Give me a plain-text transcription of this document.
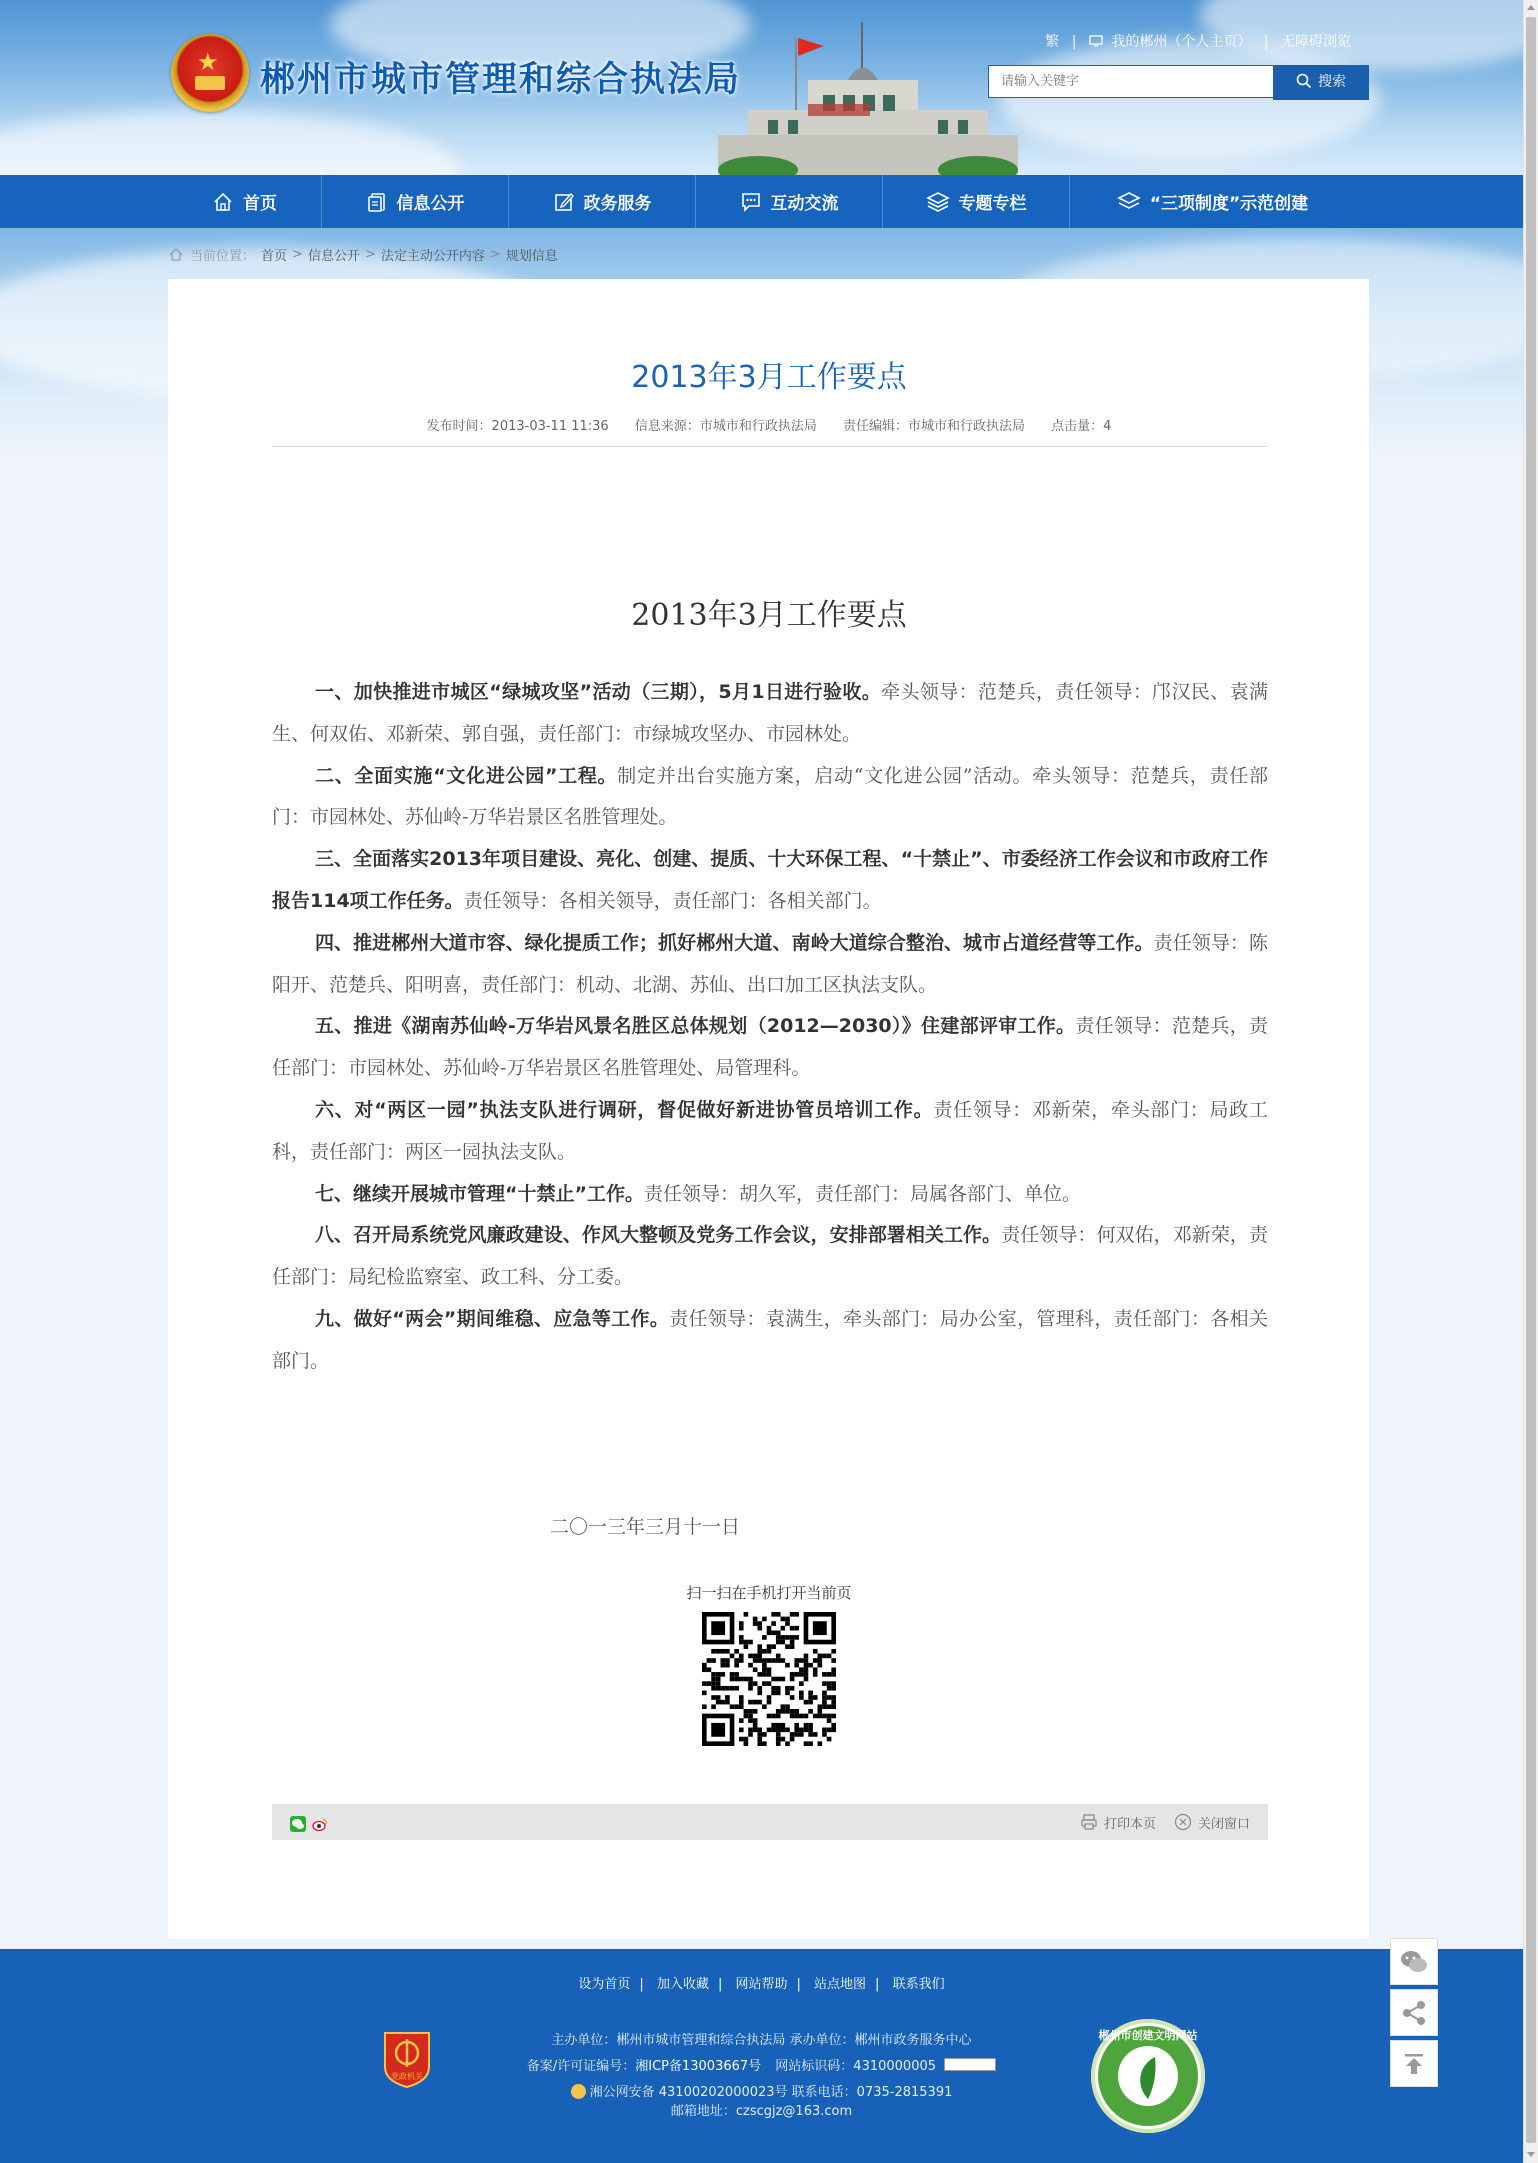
★ 郴州市城市管理和综合执法局
繁 | 我的郴州（个人主页） | 无障碍浏览
请输入关键字
搜索
首页	信息公开	政务服务	互动交流	专题专栏	“三项制度”示范创建
当前位置： 首页 > 信息公开 > 法定主动公开内容 > 规划信息
2013年3月工作要点
发布时间：2013-03-11 11:36 信息来源：市城市和行政执法局 责任编辑：市城市和行政执法局 点击量：4
2013年3月工作要点

一、加快推进市城区“绿城攻坚”活动（三期），5月1日进行验收。牵头领导：范楚兵，责任领导：邝汉民、袁满生、何双佑、邓新荣、郭自强，责任部门：市绿城攻坚办、市园林处。

二、全面实施“文化进公园”工程。制定并出台实施方案，启动“文化进公园”活动。牵头领导：范楚兵，责任部门：市园林处、苏仙岭-万华岩景区名胜管理处。

三、全面落实2013年项目建设、亮化、创建、提质、十大环保工程、“十禁止”、市委经济工作会议和市政府工作报告114项工作任务。责任领导：各相关领导，责任部门：各相关部门。

四、推进郴州大道市容、绿化提质工作；抓好郴州大道、南岭大道综合整治、城市占道经营等工作。责任领导：陈阳开、范楚兵、阳明喜，责任部门：机动、北湖、苏仙、出口加工区执法支队。

五、推进《湖南苏仙岭-万华岩风景名胜区总体规划（2012—2030）》住建部评审工作。责任领导：范楚兵，责任部门：市园林处、苏仙岭-万华岩景区名胜管理处、局管理科。

六、对“两区一园”执法支队进行调研，督促做好新进协管员培训工作。责任领导：邓新荣，牵头部门：局政工科，责任部门：两区一园执法支队。

七、继续开展城市管理“十禁止”工作。责任领导：胡久军，责任部门：局属各部门、单位。

八、召开局系统党风廉政建设、作风大整顿及党务工作会议，安排部署相关工作。责任领导：何双佑，邓新荣，责任部门：局纪检监察室、政工科、分工委。

九、做好“两会”期间维稳、应急等工作。责任领导：袁满生，牵头部门：局办公室，管理科，责任部门：各相关部门。

二〇一三年三月十一日
扫一扫在手机打开当前页
打印本页	关闭窗口
设为首页 | 加入收藏 | 网站帮助 | 站点地图 | 联系我们
党政机关
主办单位：郴州市城市管理和综合执法局 承办单位：郴州市政务服务中心
备案/许可证编号：湘ICP备13003667号 网站标识码：4310000005
湘公网安备 43100202000023号 联系电话：0735-2815391
邮箱地址：czscgjz@163.com
郴州市创建文明网站
